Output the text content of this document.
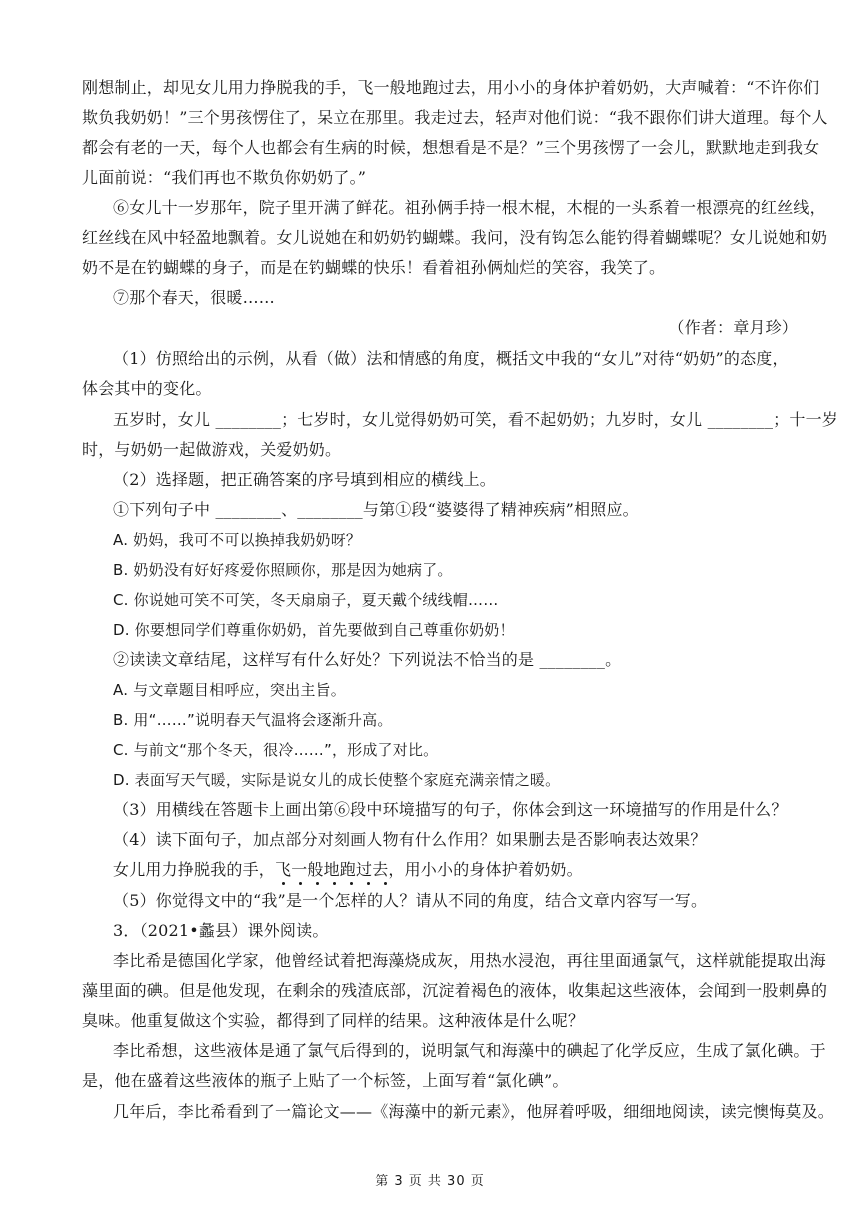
刚想制止，却见女儿用力挣脱我的手，飞一般地跑过去，用小小的身体护着奶奶，大声喊着：“不许你们
欺负我奶奶！”三个男孩愣住了，呆立在那里。我走过去，轻声对他们说：“我不跟你们讲大道理。每个人
都会有老的一天，每个人也都会有生病的时候，想想看是不是？”三个男孩愣了一会儿，默默地走到我女
儿面前说：“我们再也不欺负你奶奶了。”
⑥女儿十一岁那年，院子里开满了鲜花。祖孙俩手持一根木棍，木棍的一头系着一根漂亮的红丝线，
红丝线在风中轻盈地飘着。女儿说她在和奶奶钓蝴蝶。我问，没有钩怎么能钓得着蝴蝶呢？女儿说她和奶
奶不是在钓蝴蝶的身子，而是在钓蝴蝶的快乐！看着祖孙俩灿烂的笑容，我笑了。
⑦那个春天，很暖……
（作者：章月珍）
（1）仿照给出的示例，从看（做）法和情感的角度，概括文中我的“女儿”对待“奶奶”的态度，
体会其中的变化。
五岁时，女儿 ________；七岁时，女儿觉得奶奶可笑，看不起奶奶；九岁时，女儿 ________；十一岁
时，与奶奶一起做游戏，关爱奶奶。
（2）选择题，把正确答案的序号填到相应的横线上。
①下列句子中 ________、________与第①段“婆婆得了精神疾病”相照应。
A. 奶妈，我可不可以换掉我奶奶呀？
B. 奶奶没有好好疼爱你照顾你，那是因为她病了。
C. 你说她可笑不可笑，冬天扇扇子，夏天戴个绒线帽……
D. 你要想同学们尊重你奶奶，首先要做到自己尊重你奶奶！
②读读文章结尾，这样写有什么好处？下列说法不恰当的是 ________。
A. 与文章题目相呼应，突出主旨。
B. 用“……”说明春天气温将会逐渐升高。
C. 与前文“那个冬天，很冷……”，形成了对比。
D. 表面写天气暖，实际是说女儿的成长使整个家庭充满亲情之暖。
（3）用横线在答题卡上画出第⑥段中环境描写的句子，你体会到这一环境描写的作用是什么？
（4）读下面句子，加点部分对刻画人物有什么作用？如果删去是否影响表达效果？
女儿用力挣脱我的手，飞一般地跑过去，用小小的身体护着奶奶。
（5）你觉得文中的“我”是一个怎样的人？请从不同的角度，结合文章内容写一写。
3．（2021•蠡县）课外阅读。
李比希是德国化学家，他曾经试着把海藻烧成灰，用热水浸泡，再往里面通氯气，这样就能提取出海
藻里面的碘。但是他发现，在剩余的残渣底部，沉淀着褐色的液体，收集起这些液体，会闻到一股刺鼻的
臭味。他重复做这个实验，都得到了同样的结果。这种液体是什么呢？
李比希想，这些液体是通了氯气后得到的，说明氯气和海藻中的碘起了化学反应，生成了氯化碘。于
是，他在盛着这些液体的瓶子上贴了一个标签，上面写着“氯化碘”。
几年后，李比希看到了一篇论文——《海藻中的新元素》，他屏着呼吸，细细地阅读，读完懊悔莫及。
第 3 页 共 30 页
